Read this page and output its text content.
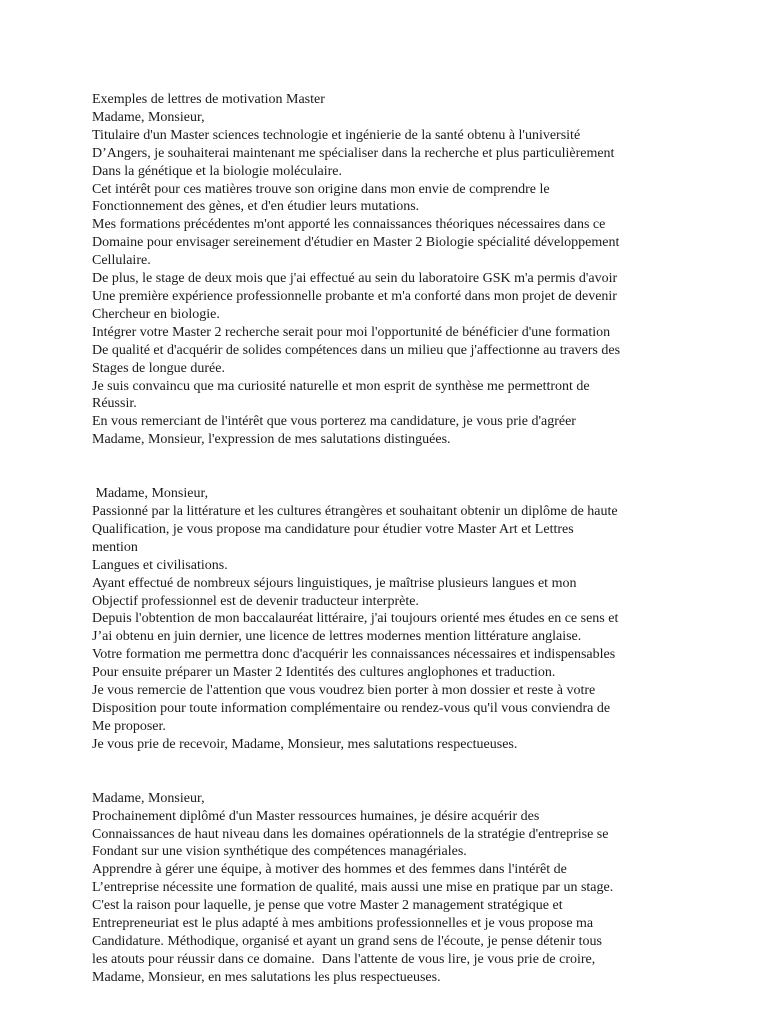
Exemples de lettres de motivation Master
Madame, Monsieur,
Titulaire d'un Master sciences technologie et ingénierie de la santé obtenu à l'université
D’Angers, je souhaiterai maintenant me spécialiser dans la recherche et plus particulièrement
Dans la génétique et la biologie moléculaire.
Cet intérêt pour ces matières trouve son origine dans mon envie de comprendre le
Fonctionnement des gènes, et d'en étudier leurs mutations.
Mes formations précédentes m'ont apporté les connaissances théoriques nécessaires dans ce
Domaine pour envisager sereinement d'étudier en Master 2 Biologie spécialité développement
Cellulaire.
De plus, le stage de deux mois que j'ai effectué au sein du laboratoire GSK m'a permis d'avoir
Une première expérience professionnelle probante et m'a conforté dans mon projet de devenir
Chercheur en biologie.
Intégrer votre Master 2 recherche serait pour moi l'opportunité de bénéficier d'une formation
De qualité et d'acquérir de solides compétences dans un milieu que j'affectionne au travers des
Stages de longue durée.
Je suis convaincu que ma curiosité naturelle et mon esprit de synthèse me permettront de
Réussir.
En vous remerciant de l'intérêt que vous porterez ma candidature, je vous prie d'agréer
Madame, Monsieur, l'expression de mes salutations distinguées.
Madame, Monsieur,
Passionné par la littérature et les cultures étrangères et souhaitant obtenir un diplôme de haute
Qualification, je vous propose ma candidature pour étudier votre Master Art et Lettres
mention
Langues et civilisations.
Ayant effectué de nombreux séjours linguistiques, je maîtrise plusieurs langues et mon
Objectif professionnel est de devenir traducteur interprète.
Depuis l'obtention de mon baccalauréat littéraire, j'ai toujours orienté mes études en ce sens et
J’ai obtenu en juin dernier, une licence de lettres modernes mention littérature anglaise.
Votre formation me permettra donc d'acquérir les connaissances nécessaires et indispensables
Pour ensuite préparer un Master 2 Identités des cultures anglophones et traduction.
Je vous remercie de l'attention que vous voudrez bien porter à mon dossier et reste à votre
Disposition pour toute information complémentaire ou rendez-vous qu'il vous conviendra de
Me proposer.
Je vous prie de recevoir, Madame, Monsieur, mes salutations respectueuses.
Madame, Monsieur,
Prochainement diplômé d'un Master ressources humaines, je désire acquérir des
Connaissances de haut niveau dans les domaines opérationnels de la stratégie d'entreprise se
Fondant sur une vision synthétique des compétences managériales.
Apprendre à gérer une équipe, à motiver des hommes et des femmes dans l'intérêt de
L’entreprise nécessite une formation de qualité, mais aussi une mise en pratique par un stage.
C'est la raison pour laquelle, je pense que votre Master 2 management stratégique et
Entrepreneuriat est le plus adapté à mes ambitions professionnelles et je vous propose ma
Candidature. Méthodique, organisé et ayant un grand sens de l'écoute, je pense détenir tous
les atouts pour réussir dans ce domaine.  Dans l'attente de vous lire, je vous prie de croire,
Madame, Monsieur, en mes salutations les plus respectueuses.
